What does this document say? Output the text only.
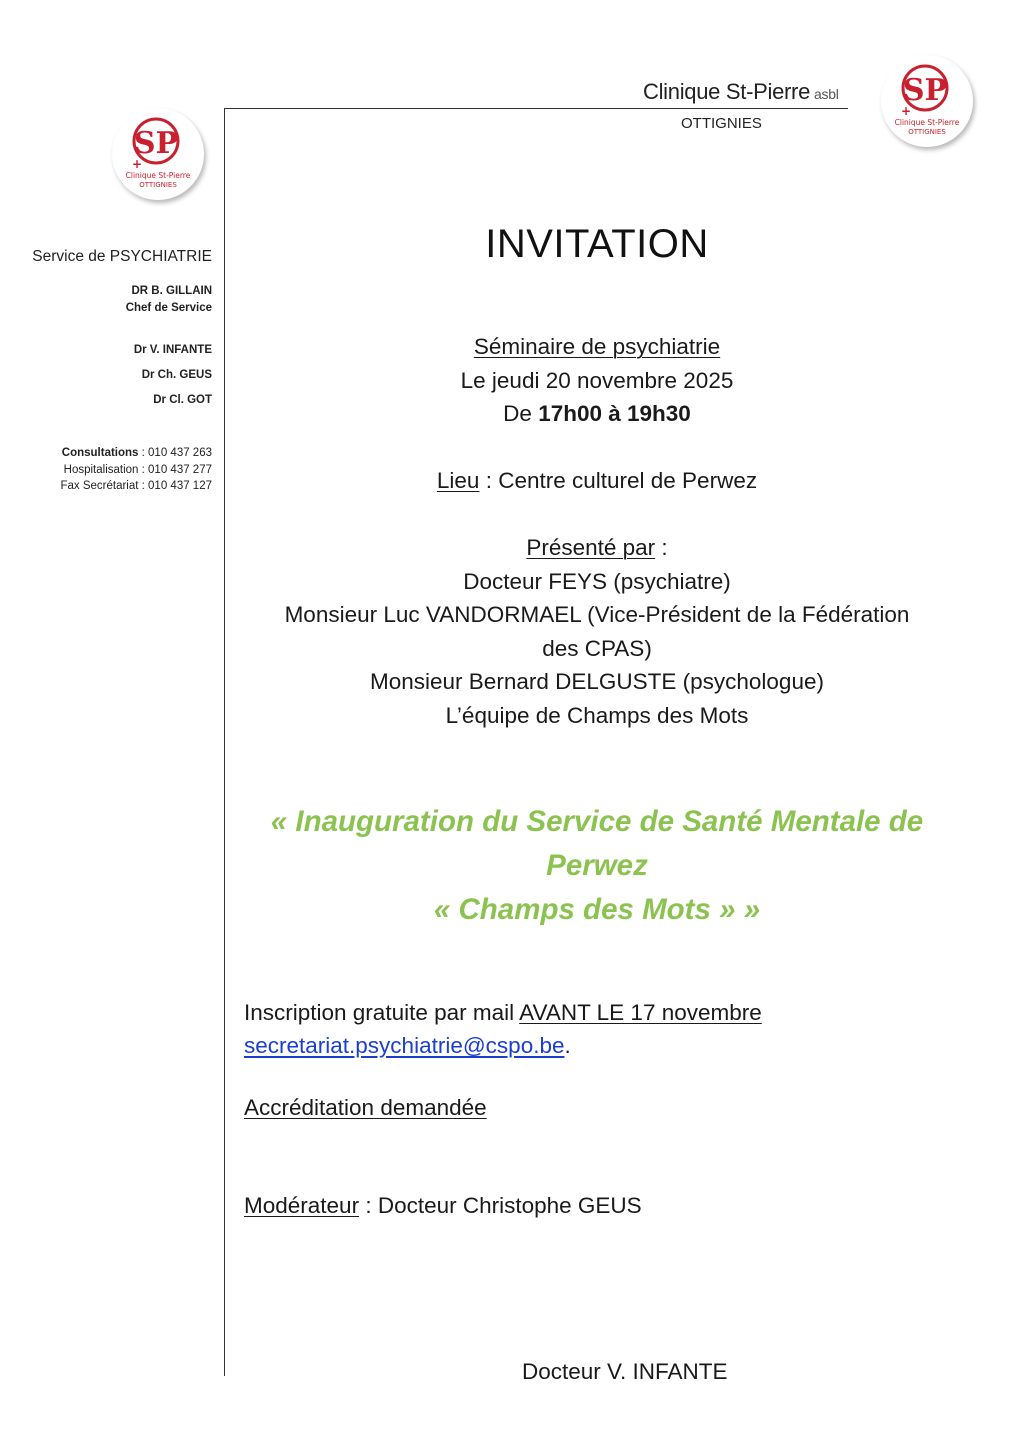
SP
+
Clinique St-Pierre
OTTIGNIES
SP
+
Clinique St-Pierre
OTTIGNIES
Clinique St-Pierre asbl
OTTIGNIES
Service de PSYCHIATRIE
DR B. GILLAIN
Chef de Service
Dr V. INFANTE
Dr Ch. GEUS
Dr Cl. GOT
Consultations : 010 437 263
Hospitalisation : 010 437 277
Fax Secrétariat : 010 437 127
INVITATION
Séminaire de psychiatrie
Le jeudi 20 novembre 2025
De 17h00 à 19h30
Lieu : Centre culturel de Perwez
Présenté par :
Docteur FEYS (psychiatre)
Monsieur Luc VANDORMAEL (Vice-Président de la Fédération
des CPAS)
Monsieur Bernard DELGUSTE (psychologue)
L’équipe de Champs des Mots
« Inauguration du Service de Santé Mentale de
Perwez
« Champs des Mots » »
Inscription gratuite par mail AVANT LE 17 novembre
secretariat.psychiatrie@cspo.be.
Accréditation demandée
Modérateur : Docteur Christophe GEUS
Docteur V. INFANTE
